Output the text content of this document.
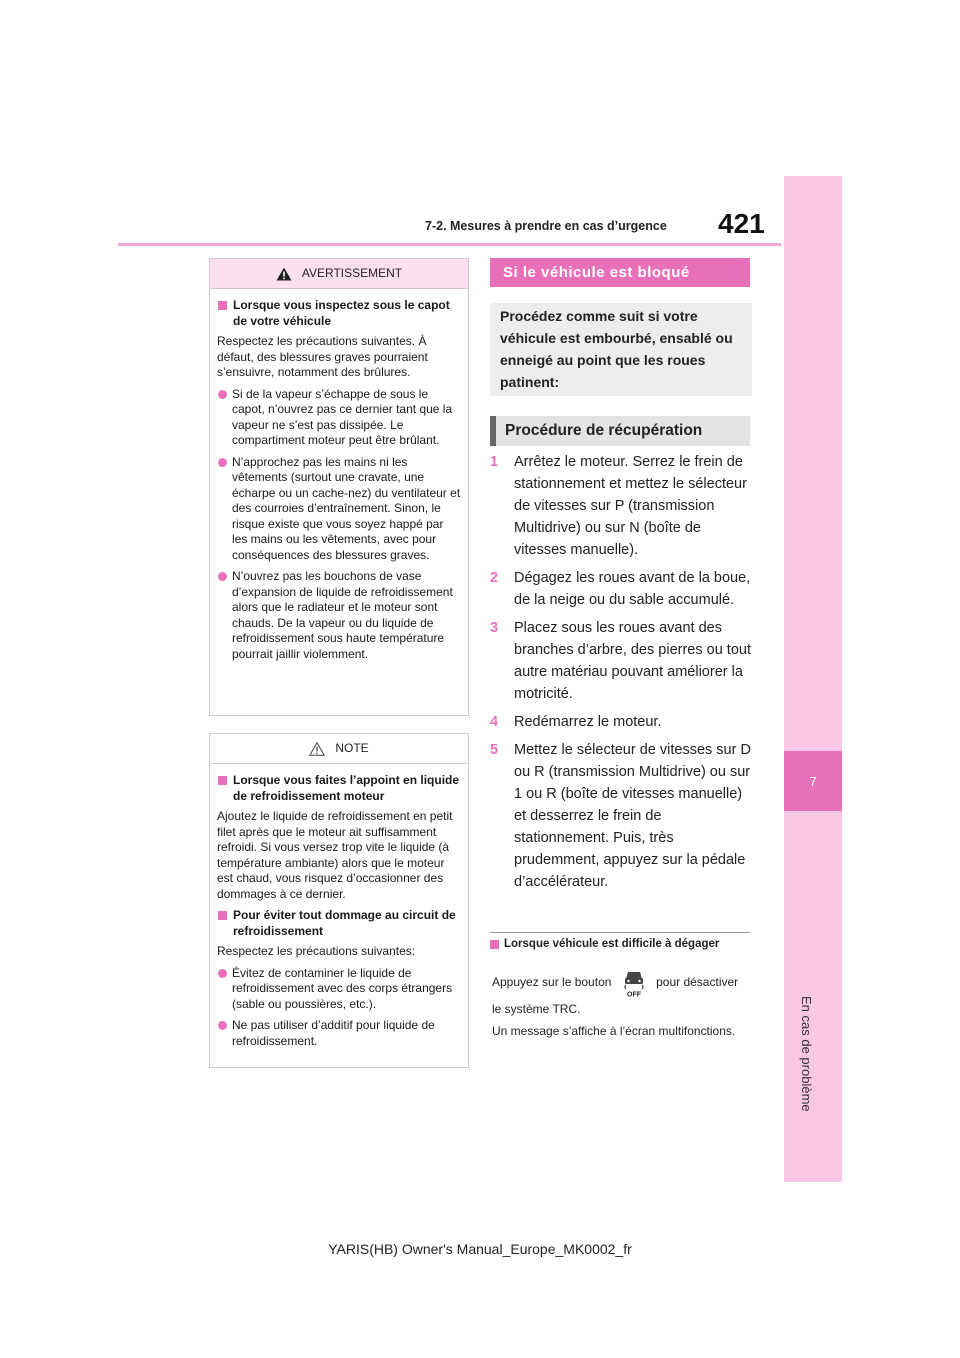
7-2. Mesures à prendre en cas d’urgence 421
7
En cas de problème
AVERTISSEMENT
Lorsque vous inspectez sous le capot de votre véhicule
Respectez les précautions suivantes. À défaut, des blessures graves pourraient s’ensuivre, notamment des brûlures.
Si de la vapeur s’échappe de sous le capot, n’ouvrez pas ce dernier tant que la vapeur ne s’est pas dissipée. Le compartiment moteur peut être brûlant.
N’approchez pas les mains ni les vêtements (surtout une cravate, une écharpe ou un cache-nez) du ventilateur et des courroies d’entraînement. Sinon, le risque existe que vous soyez happé par les mains ou les vêtements, avec pour conséquences des blessures graves.
N’ouvrez pas les bouchons de vase d’expansion de liquide de refroidissement alors que le radiateur et le moteur sont chauds. De la vapeur ou du liquide de refroidissement sous haute température pourrait jaillir violemment.
NOTE
Lorsque vous faites l’appoint en liquide de refroidissement moteur
Ajoutez le liquide de refroidissement en petit filet après que le moteur ait suffisamment refroidi. Si vous versez trop vite le liquide (à température ambiante) alors que le moteur est chaud, vous risquez d’occasionner des dommages à ce dernier.
Pour éviter tout dommage au circuit de refroidissement
Respectez les précautions suivantes:
Évitez de contaminer le liquide de refroidissement avec des corps étrangers (sable ou poussières, etc.).
Ne pas utiliser d’additif pour liquide de refroidissement.
Si le véhicule est bloqué
Procédez comme suit si votre véhicule est embourbé, ensablé ou enneigé au point que les roues patinent:
Procédure de récupération
1	Arrêtez le moteur. Serrez le frein de stationnement et mettez le sélecteur de vitesses sur P (transmission Multidrive) ou sur N (boîte de vitesses manuelle).
2	Dégagez les roues avant de la boue, de la neige ou du sable accumulé.
3	Placez sous les roues avant des branches d’arbre, des pierres ou tout autre matériau pouvant améliorer la motricité.
4	Redémarrez le moteur.
5	Mettez le sélecteur de vitesses sur D ou R (transmission Multidrive) ou sur 1 ou R (boîte de vitesses manuelle) et desserrez le frein de stationnement. Puis, très prudemment, appuyez sur la pédale d’accélérateur.
Lorsque véhicule est difficile à dégager
Appuyez sur le bouton
OFF
pour désactiver le système TRC.
Un message s’affiche à l’écran multifonctions.
YARIS(HB) Owner's Manual_Europe_MK0002_fr
